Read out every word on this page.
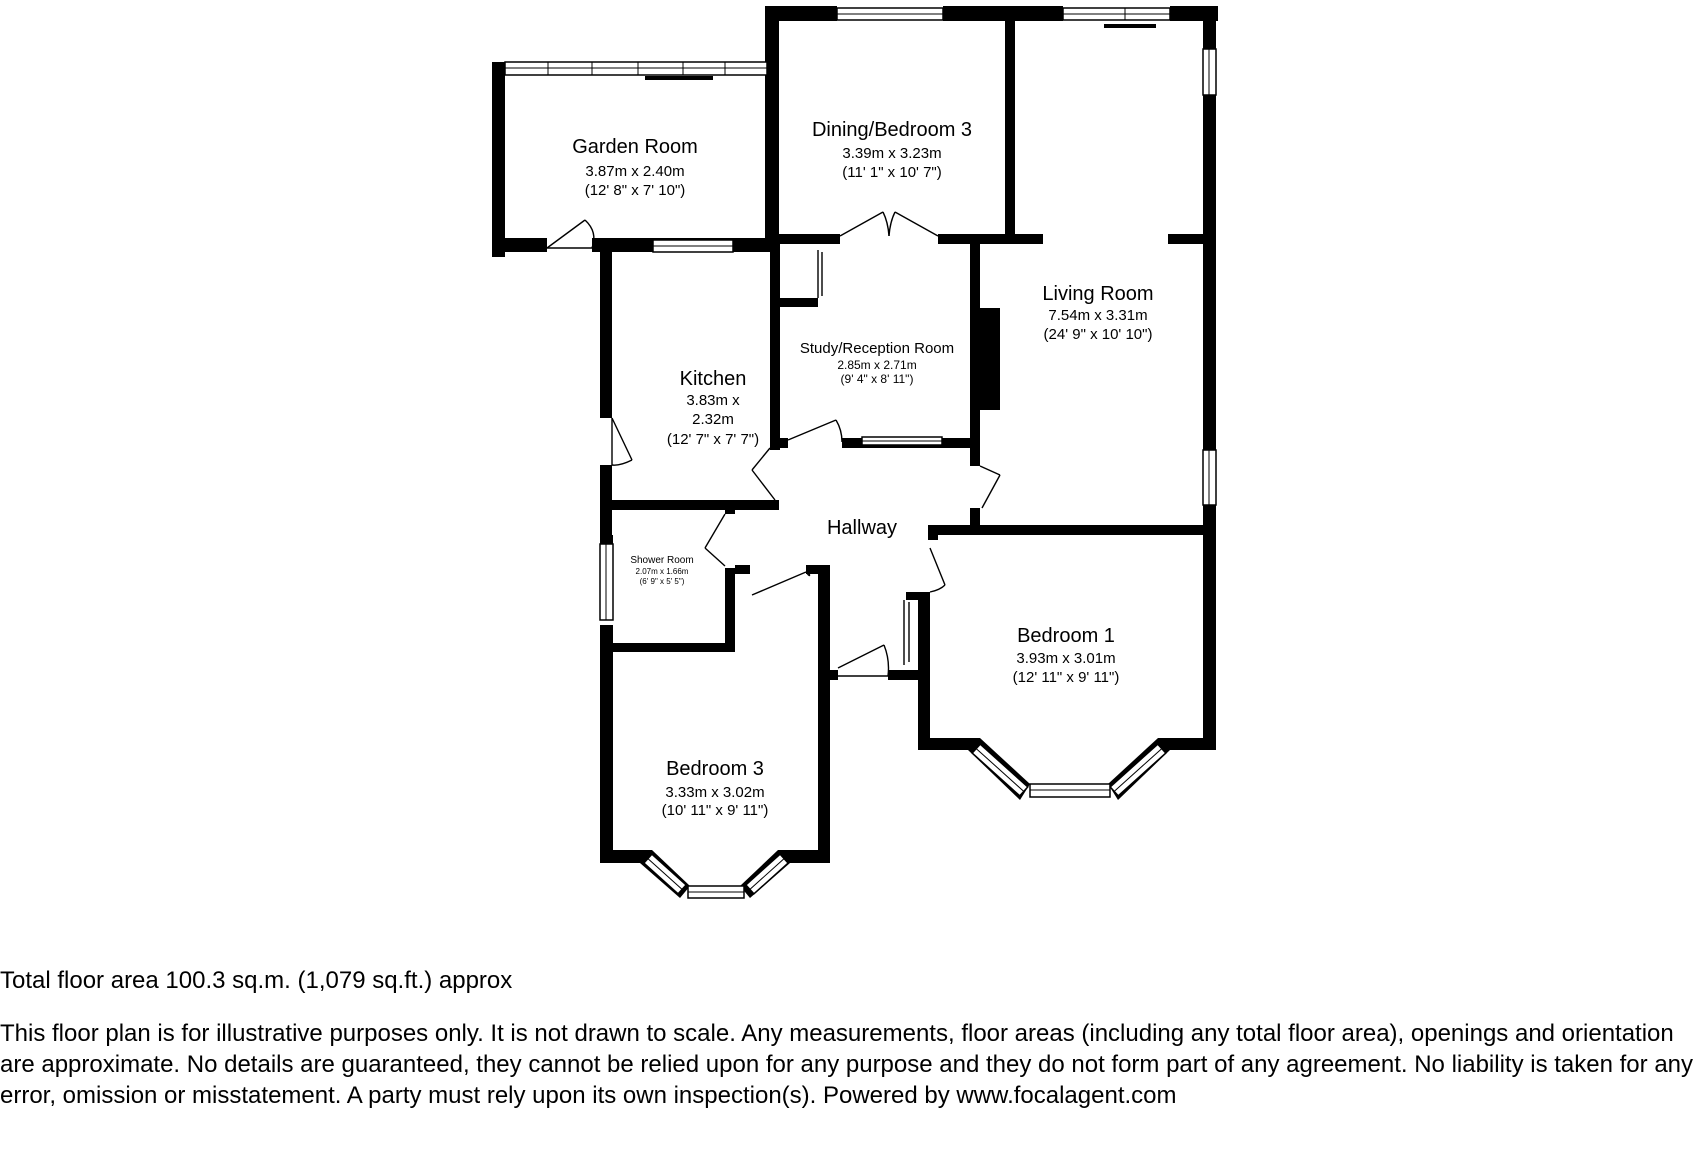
Garden Room
3.87m x 2.40m
(12' 8" x 7' 10")
Dining/Bedroom 3
3.39m x 3.23m
(11' 1" x 10' 7")
Living Room
7.54m x 3.31m
(24' 9" x 10' 10")
Study/Reception Room
2.85m x 2.71m
(9' 4" x 8' 11")
Kitchen
3.83m x
2.32m
(12' 7" x 7' 7")
Hallway
Shower Room
2.07m x 1.66m
(6' 9" x 5' 5")
Bedroom 1
3.93m x 3.01m
(12' 11" x 9' 11")
Bedroom 3
3.33m x 3.02m
(10' 11" x 9' 11")
Total floor area 100.3 sq.m. (1,079 sq.ft.) approx
This floor plan is for illustrative purposes only. It is not drawn to scale. Any measurements, floor areas (including any total floor area), openings and orientation are approximate. No details are guaranteed, they cannot be relied upon for any purpose and they do not form part of any agreement. No liability is taken for any error, omission or misstatement. A party must rely upon its own inspection(s). Powered by www.focalagent.com
